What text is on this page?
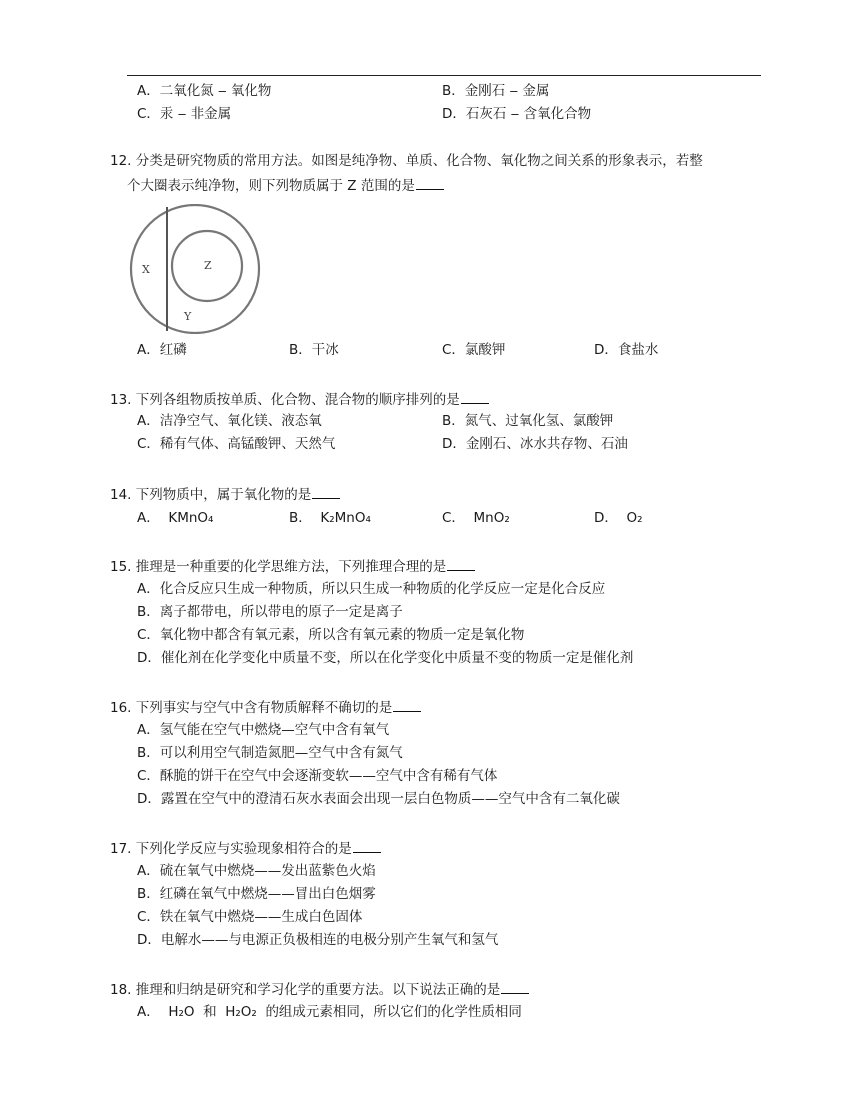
A．二氧化氮 ‒ 氧化物	B．金刚石 ‒ 金属
C．汞 ‒ 非金属	D．石灰石 ‒ 含氧化合物
12. 分类是研究物质的常用方法。如图是纯净物、单质、化合物、氧化物之间关系的形象表示，若整
个大圈表示纯净物，则下列物质属于 Z 范围的是
X	Z
Y
A．红磷	B．干冰	C．氯酸钾	D．食盐水
13. 下列各组物质按单质、化合物、混合物的顺序排列的是
A．洁净空气、氧化镁、液态氧	B．氮气、过氧化氢、氯酸钾
C．稀有气体、高锰酸钾、天然气	D．金刚石、冰水共存物、石油
14. 下列物质中，属于氧化物的是
A． KMnO₄	B． K₂MnO₄	C． MnO₂	D． O₂
15. 推理是一种重要的化学思维方法，下列推理合理的是
A．化合反应只生成一种物质，所以只生成一种物质的化学反应一定是化合反应
B．离子都带电，所以带电的原子一定是离子
C．氧化物中都含有氧元素，所以含有氧元素的物质一定是氧化物
D．催化剂在化学变化中质量不变，所以在化学变化中质量不变的物质一定是催化剂
16. 下列事实与空气中含有物质解释不确切的是
A．氢气能在空气中燃烧—空气中含有氧气
B．可以利用空气制造氮肥—空气中含有氮气
C．酥脆的饼干在空气中会逐渐变软——空气中含有稀有气体
D．露置在空气中的澄清石灰水表面会出现一层白色物质——空气中含有二氧化碳
17. 下列化学反应与实验现象相符合的是
A．硫在氧气中燃烧——发出蓝紫色火焰
B．红磷在氧气中燃烧——冒出白色烟雾
C．铁在氧气中燃烧——生成白色固体
D．电解水——与电源正负极相连的电极分别产生氧气和氢气
18. 推理和归纳是研究和学习化学的重要方法。以下说法正确的是
A． H₂O 和 H₂O₂ 的组成元素相同，所以它们的化学性质相同
